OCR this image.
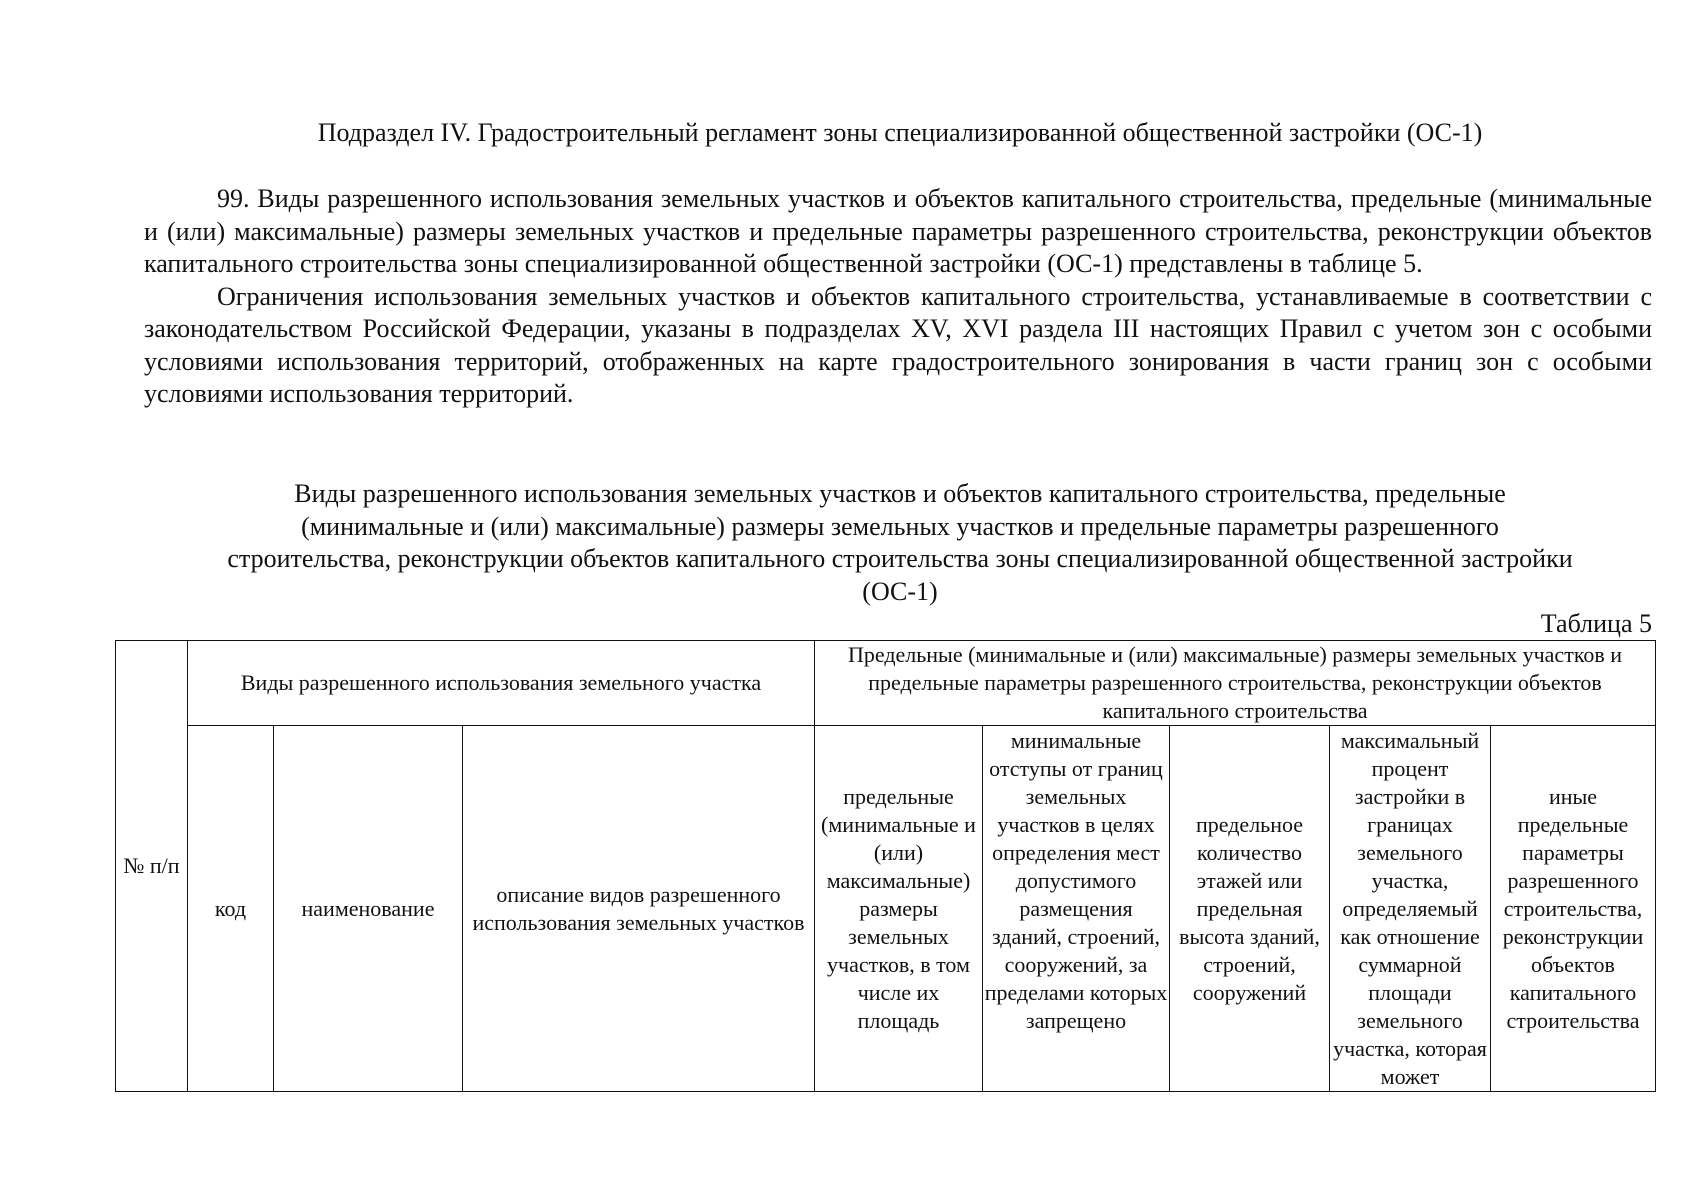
Подраздел IV. Градостроительный регламент зоны специализированной общественной застройки (ОС-1)

99. Виды разрешенного использования земельных участков и объектов капитального строительства, предельные (минимальные и (или) максимальные) размеры земельных участков и предельные параметры разрешенного строительства, реконструкции объектов капитального строительства зоны специализированной общественной застройки (ОС-1) представлены в таблице 5.

Ограничения использования земельных участков и объектов капитального строительства, устанавливаемые в соответствии с законодательством Российской Федерации, указаны в подразделах XV, XVI раздела III настоящих Правил с учетом зон с особыми условиями использования территорий, отображенных на карте градостроительного зонирования в части границ зон с особыми условиями использования территорий.

Виды разрешенного использования земельных участков и объектов капитального строительства, предельные
(минимальные и (или) максимальные) размеры земельных участков и предельные параметры разрешенного
строительства, реконструкции объектов капитального строительства зоны специализированной общественной застройки
(ОС-1)
Таблица 5
№ п/п	Виды разрешенного использования земельного участка			Предельные (минимальные и (или) максимальные) размеры земельных участков и предельные параметры разрешенного строительства, реконструкции объектов капитального строительства				
	код	наименование	описание видов разрешенного использования земельных участков	предельные (минимальные и (или) максимальные) размеры земельных участков, в том числе их площадь	минимальные отступы от границ земельных участков в целях определения мест допустимого размещения зданий, строений, сооружений, за пределами которых запрещено	предельное количество этажей или предельная высота зданий, строений, сооружений	максимальный процент застройки в границах земельного участка, определяемый как отношение суммарной площади земельного участка, которая может	иные предельные параметры разрешенного строительства, реконструкции объектов капитального строительства
